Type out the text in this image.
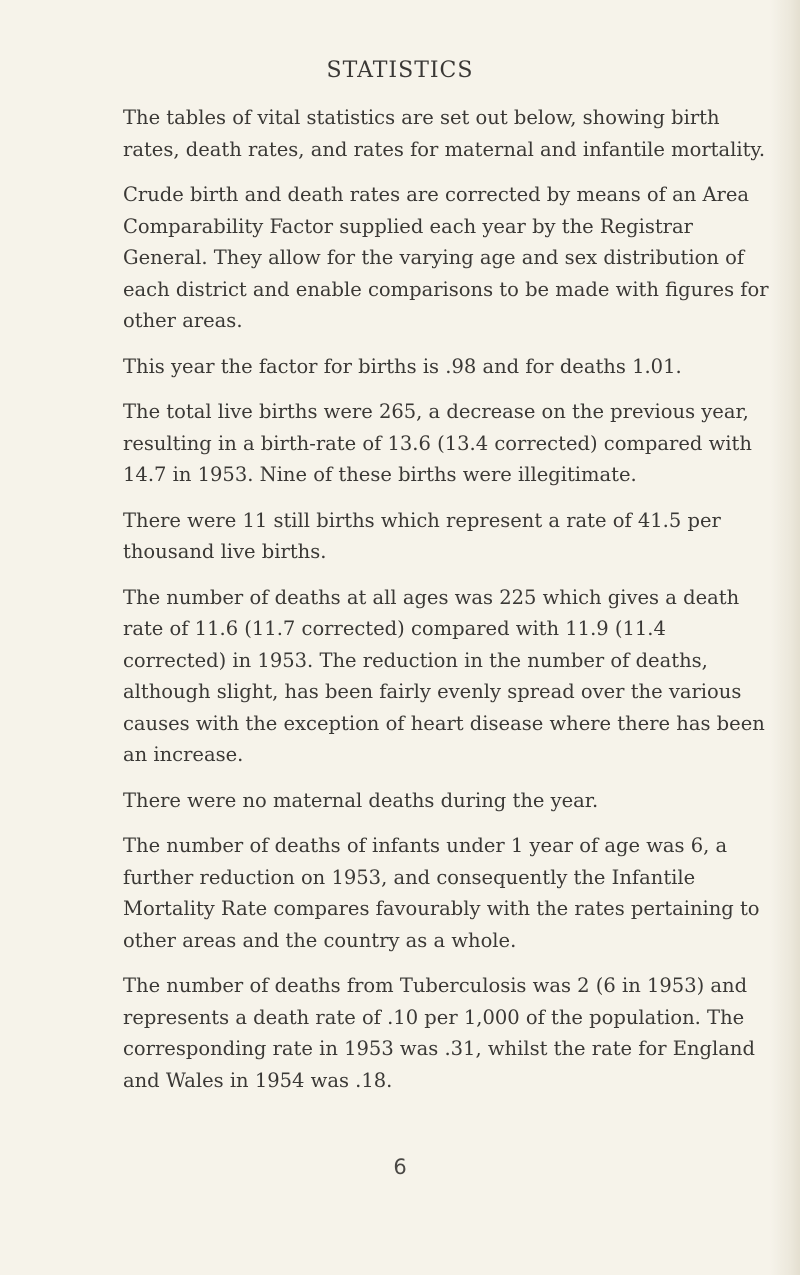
STATISTICS

The tables of vital statistics are set out below, showing birth rates, death rates, and rates for maternal and infantile mortality.

Crude birth and death rates are corrected by means of an Area Comparability Factor supplied each year by the Registrar General. They allow for the varying age and sex distribution of each district and enable comparisons to be made with figures for other areas.

This year the factor for births is .98 and for deaths 1.01.

The total live births were 265, a decrease on the previous year, resulting in a birth-rate of 13.6 (13.4 corrected) compared with 14.7 in 1953. Nine of these births were illegitimate.

There were 11 still births which represent a rate of 41.5 per thousand live births.

The number of deaths at all ages was 225 which gives a death rate of 11.6 (11.7 corrected) compared with 11.9 (11.4 corrected) in 1953. The reduction in the number of deaths, although slight, has been fairly evenly spread over the various causes with the exception of heart disease where there has been an increase.

There were no maternal deaths during the year.

The number of deaths of infants under 1 year of age was 6, a further reduction on 1953, and consequently the Infantile Mortality Rate compares favourably with the rates pertaining to other areas and the country as a whole.

The number of deaths from Tuberculosis was 2 (6 in 1953) and represents a death rate of .10 per 1,000 of the population. The corresponding rate in 1953 was .31, whilst the rate for England and Wales in 1954 was .18.

6
